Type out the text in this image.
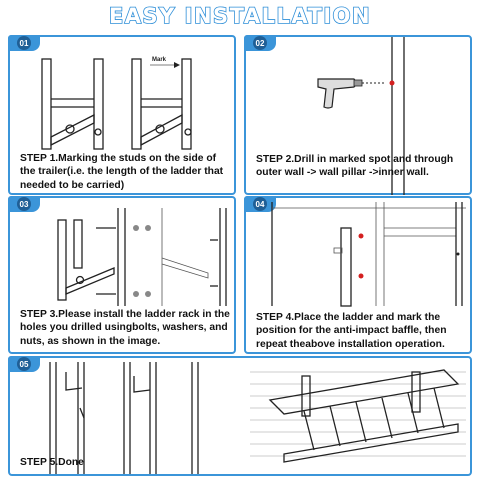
EASY INSTALLATION
01
Mark
STEP 1.Marking the studs on the side of the trailer(i.e. the length of the ladder that needed to be carried)
02
STEP 2.Drill in marked spot and through outer wall -> wall pillar ->inner wall.
03
STEP 3.Please install the ladder rack in the holes you drilled usingbolts, washers, and nuts, as shown in the image.
04
STEP 4.Place the ladder and mark the position for the anti-impact baffle, then repeat theabove installation operation.
05
STEP 5.Done
